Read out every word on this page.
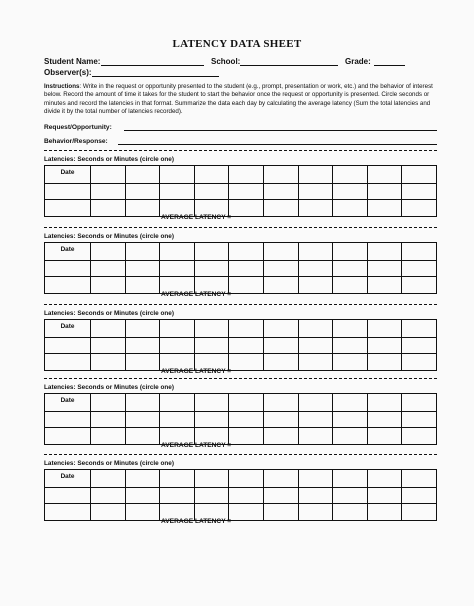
LATENCY DATA SHEET
Student Name:	School:	Grade:
Observer(s):
Instructions: Write in the request or opportunity presented to the student (e.g., prompt, presentation or work, etc.) and the behavior of interest below. Record the amount of time it takes for the student to start the behavior once the request or opportunity is presented. Circle seconds or minutes and record the latencies in that format. Summarize the data each day by calculating the average latency (Sum the total latencies and divide it by the total number of latencies recorded).
Request/Opportunity:
Behavior/Response:
Latencies: Seconds or Minutes (circle one)
Date
AVERAGE LATENCY =
Latencies: Seconds or Minutes (circle one)
Date
AVERAGE LATENCY =
Latencies: Seconds or Minutes (circle one)
Date
AVERAGE LATENCY =
Latencies: Seconds or Minutes (circle one)
Date
AVERAGE LATENCY =
Latencies: Seconds or Minutes (circle one)
Date
AVERAGE LATENCY =
